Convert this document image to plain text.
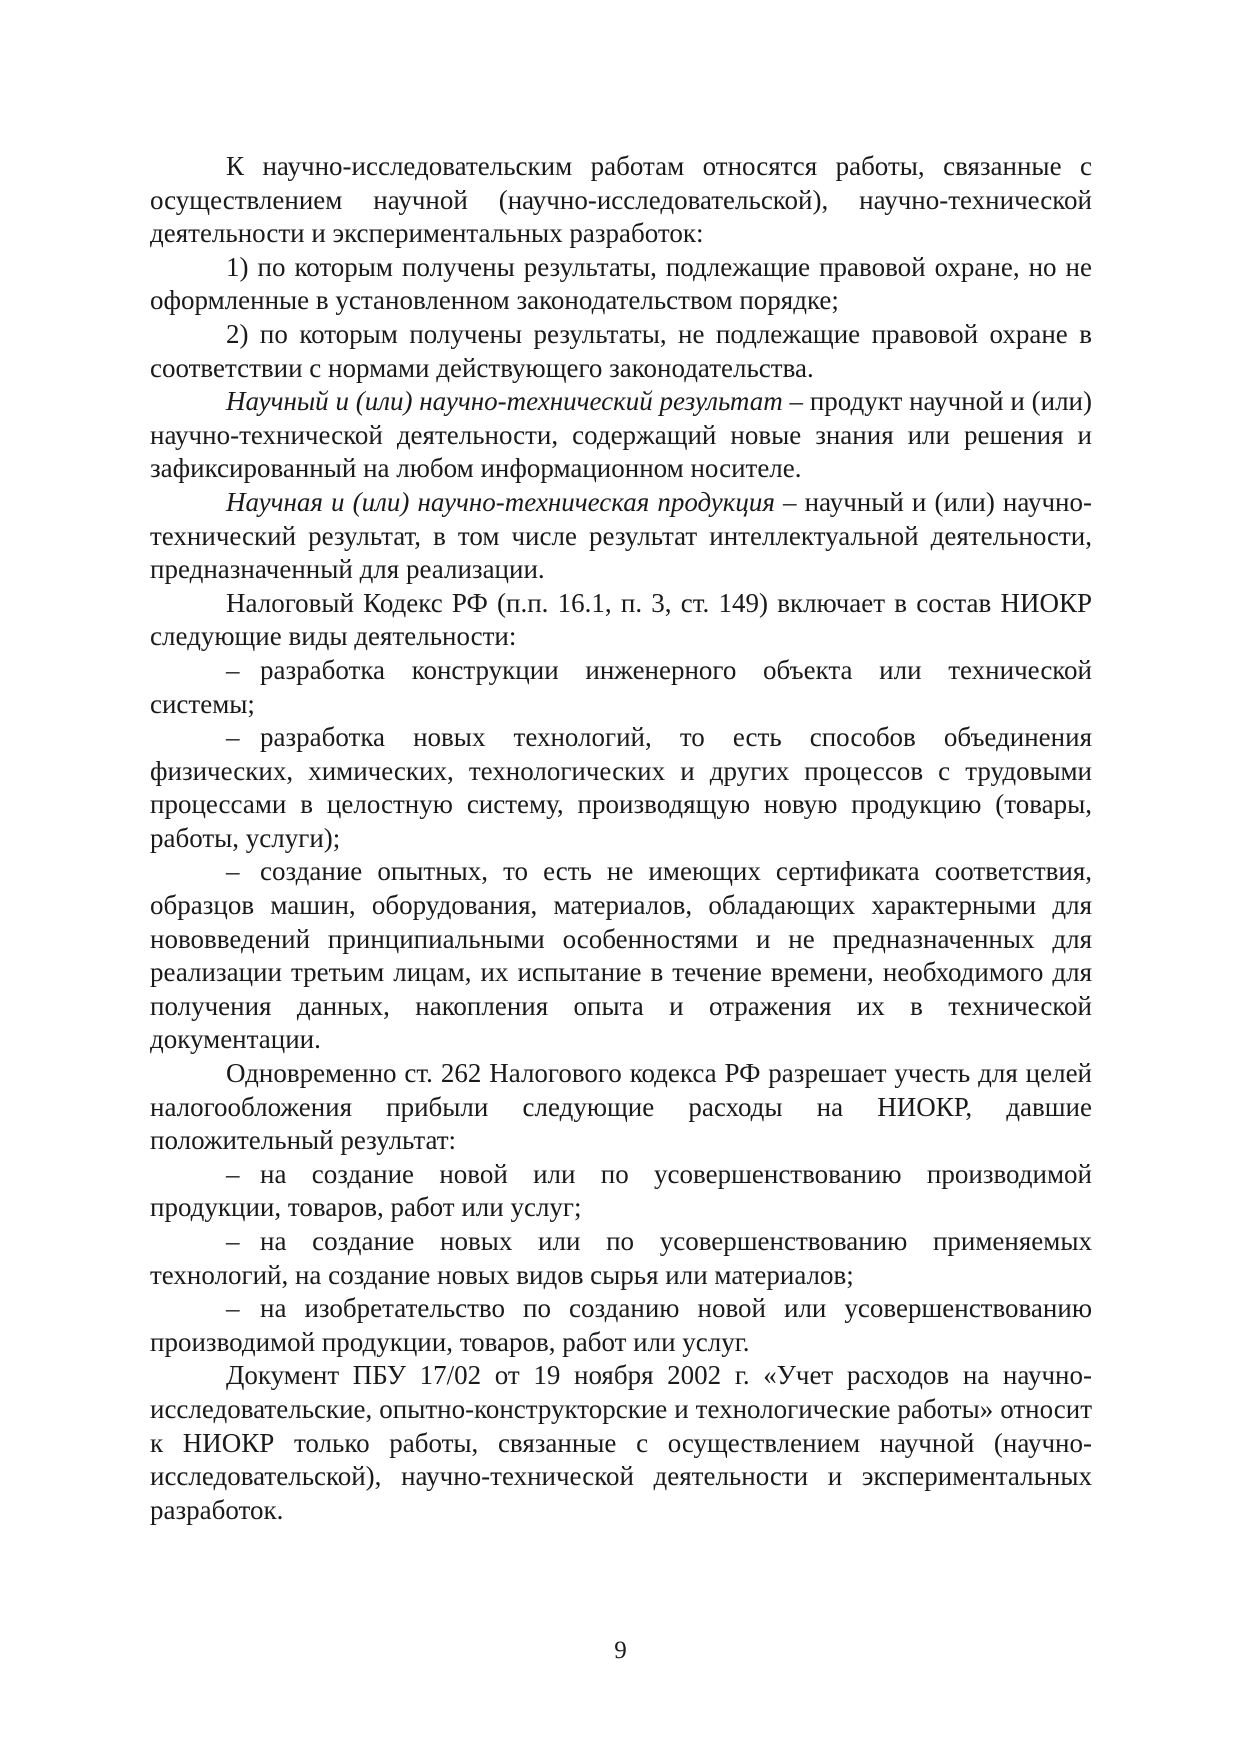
К научно-исследовательским работам относятся работы, связанные с осуществлением научной (научно-исследовательской), научно-технической деятельности и экспериментальных разработок:

1) по которым получены результаты, подлежащие правовой охране, но не оформленные в установленном законодательством порядке;

2) по которым получены результаты, не подлежащие правовой охране в соответствии с нормами действующего законодательства.

Научный и (или) научно-технический результат – продукт научной и (или) научно-технической деятельности, содержащий новые знания или решения и зафиксированный на любом информационном носителе.

Научная и (или) научно-техническая продукция – научный и (или) научно-технический результат, в том числе результат интеллектуальной деятельности, предназначенный для реализации.

Налоговый Кодекс РФ (п.п. 16.1, п. 3, ст. 149) включает в состав НИОКР следующие виды деятельности:

– разработка конструкции инженерного объекта или технической системы;

– разработка новых технологий, то есть способов объединения физических, химических, технологических и других процессов с трудовыми процессами в целостную систему, производящую новую продукцию (товары, работы, услуги);

– создание опытных, то есть не имеющих сертификата соответствия, образцов машин, оборудования, материалов, обладающих характерными для нововведений принципиальными особенностями и не предназначенных для реализации третьим лицам, их испытание в течение времени, необходимого для получения данных, накопления опыта и отражения их в технической документации.

Одновременно ст. 262 Налогового кодекса РФ разрешает учесть для целей налогообложения прибыли следующие расходы на НИОКР, давшие положительный результат:

– на создание новой или по усовершенствованию производимой продукции, товаров, работ или услуг;

– на создание новых или по усовершенствованию применяемых технологий, на создание новых видов сырья или материалов;

– на изобретательство по созданию новой или усовершенствованию производимой продукции, товаров, работ или услуг.

Документ ПБУ 17/02 от 19 ноября 2002 г. «Учет расходов на научно-исследовательские, опытно-конструкторские и технологические работы» относит к НИОКР только работы, связанные с осуществлением научной (научно-исследовательской), научно-технической деятельности и экспериментальных разработок.

9
